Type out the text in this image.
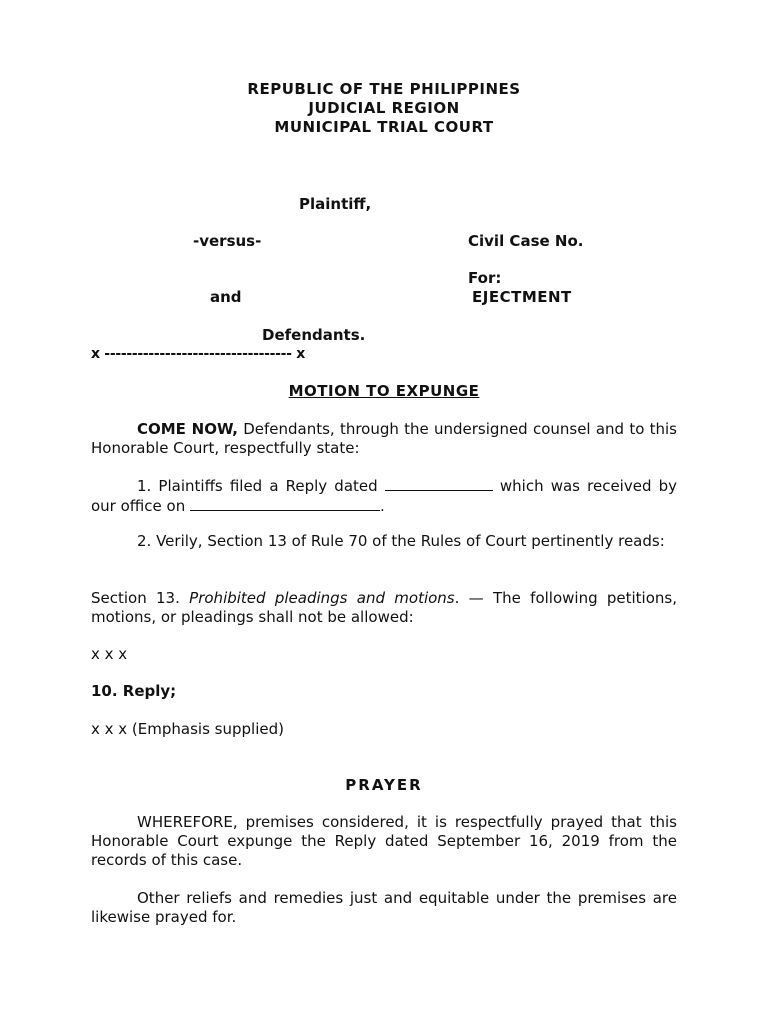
REPUBLIC OF THE PHILIPPINES
JUDICIAL REGION
MUNICIPAL TRIAL COURT
Plaintiff,
-versus-	Civil Case No.
For:
and	EJECTMENT
Defendants.
x ---------------------------------- x
MOTION TO EXPUNGE
COME NOW, Defendants, through the undersigned counsel and to this Honorable Court, respectfully state:
1. Plaintiffs filed a Reply dated	which was received by our office on	.
2. Verily, Section 13 of Rule 70 of the Rules of Court pertinently reads:
Section 13. Prohibited pleadings and motions. — The following petitions, motions, or pleadings shall not be allowed:
x x x
10. Reply;
x x x (Emphasis supplied)
PRAYER
WHEREFORE, premises considered, it is respectfully prayed that this Honorable Court expunge the Reply dated September 16, 2019 from the records of this case.
Other reliefs and remedies just and equitable under the premises are likewise prayed for.
